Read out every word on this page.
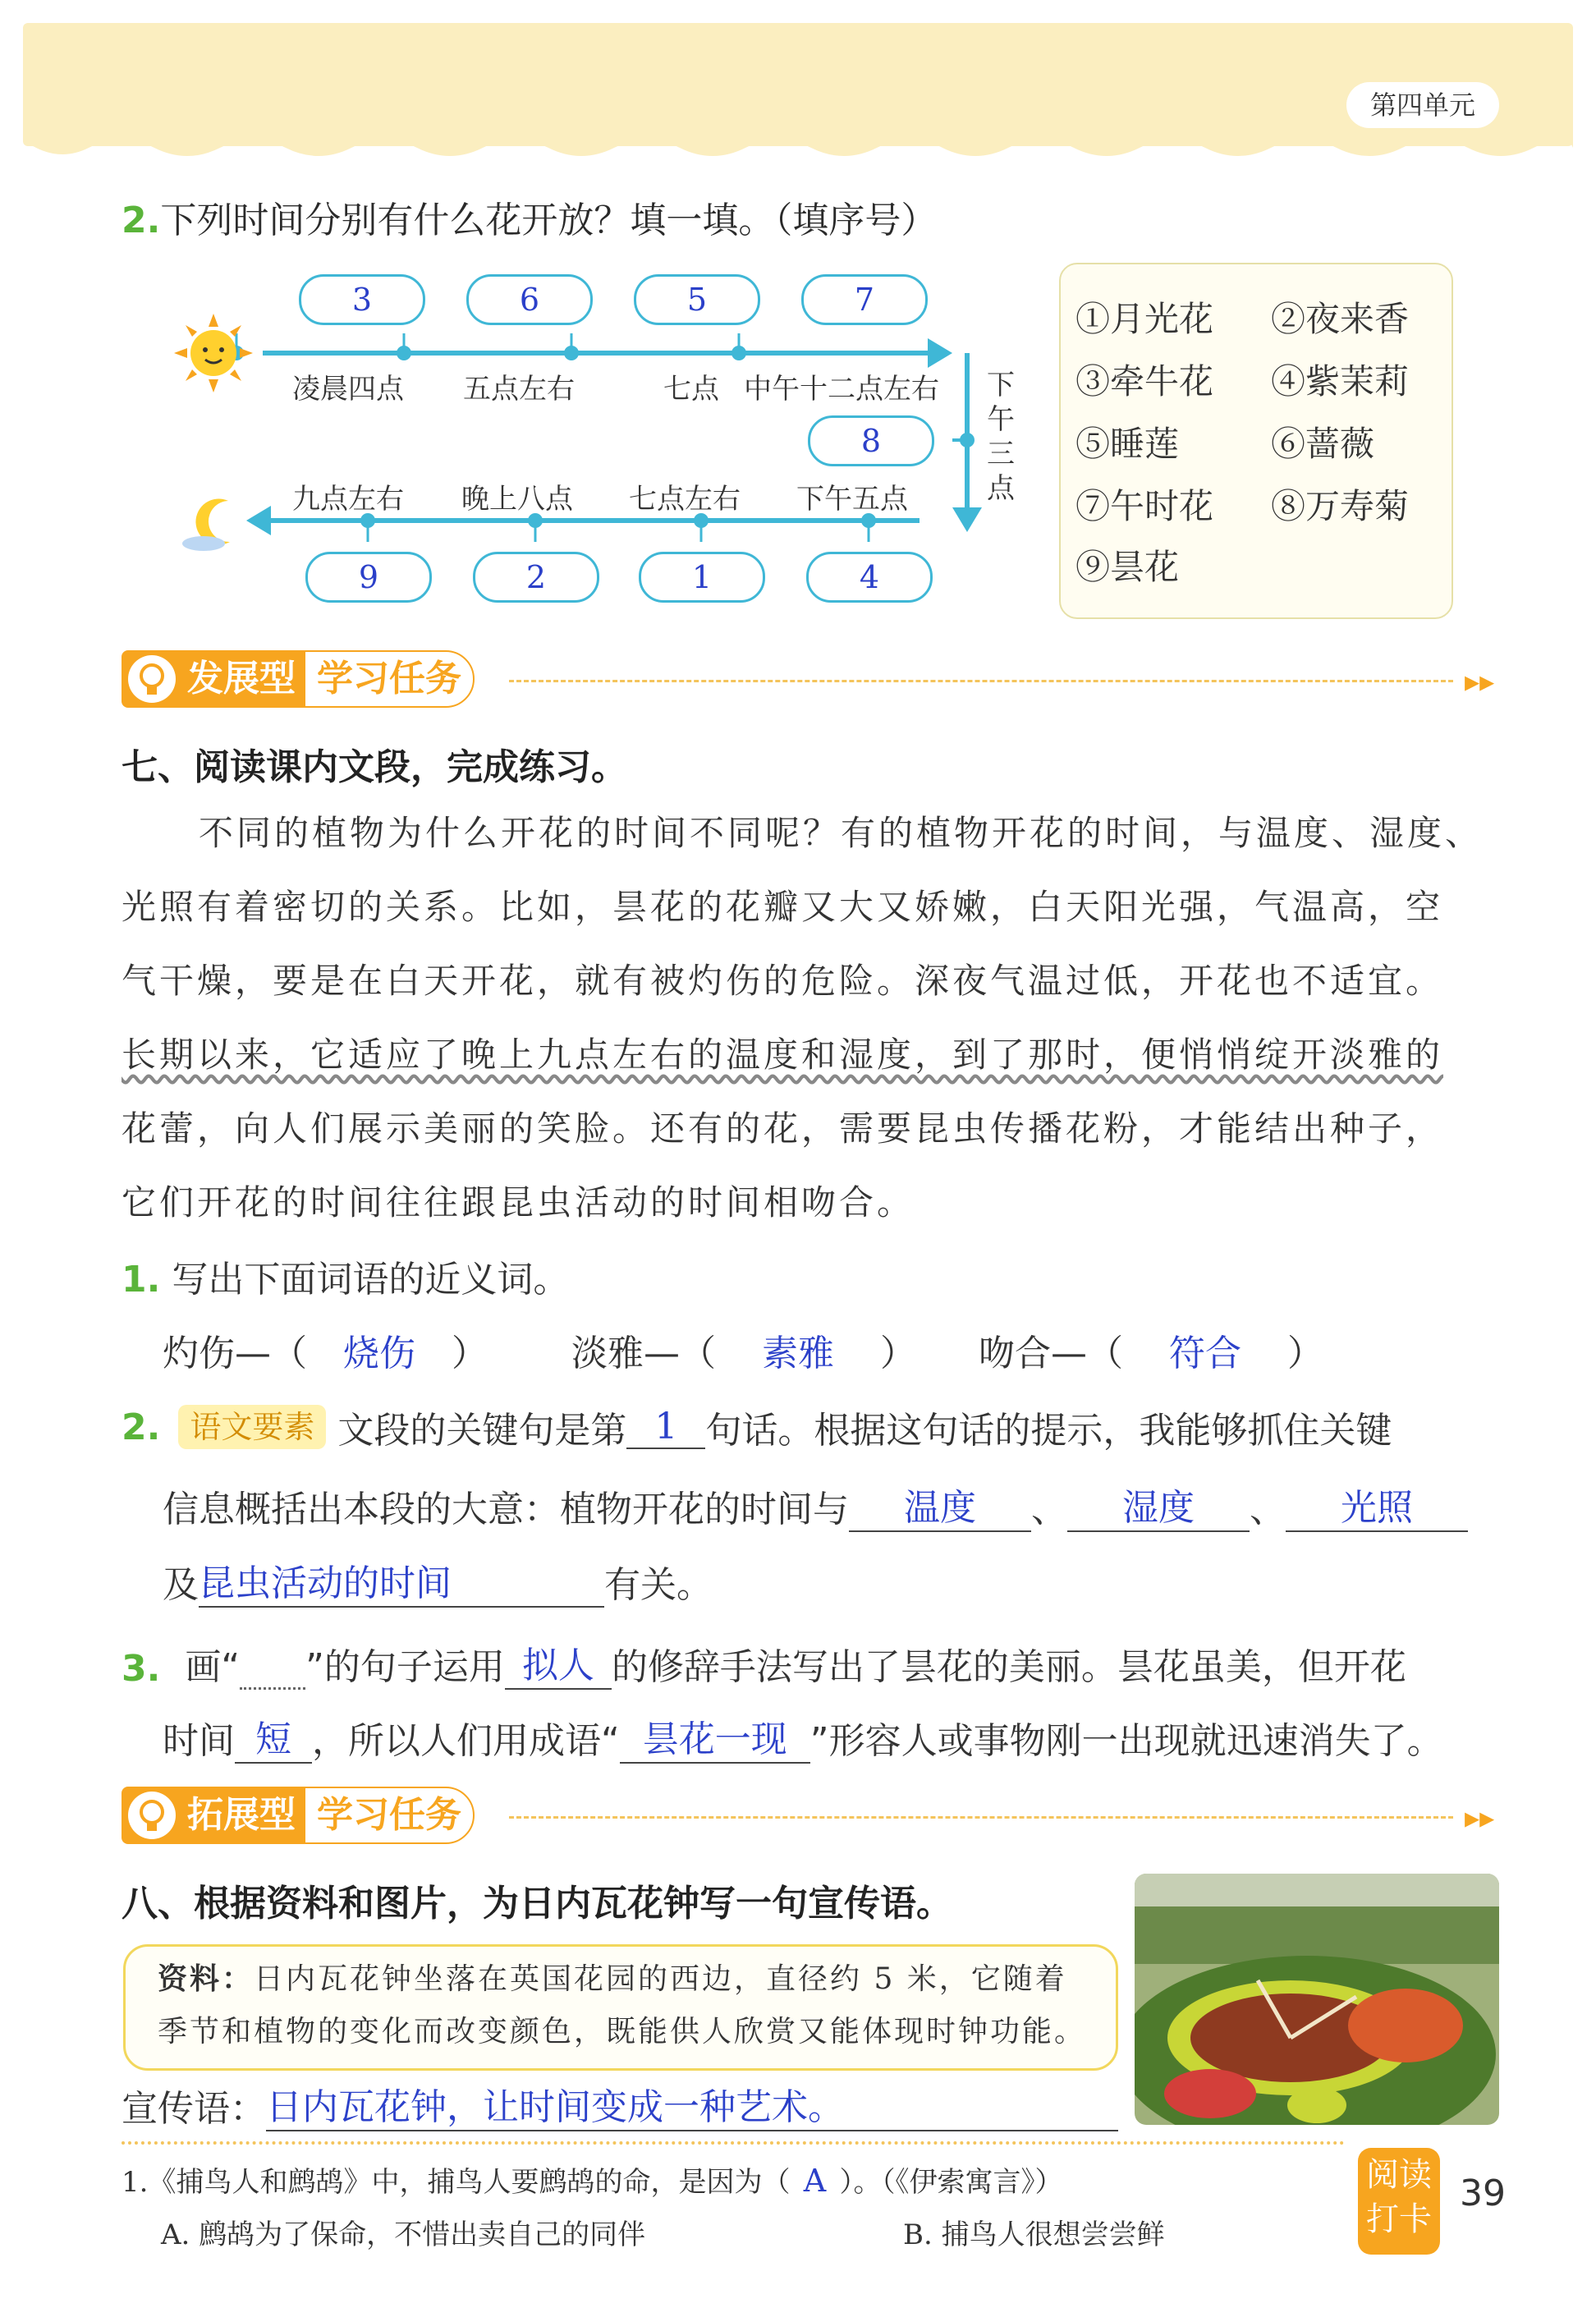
第四单元
2.下列时间分别有什么花开放？填一填。（填序号）
3	6	5	7
凌晨四点 五点左右	七点 中午十二点左右
8
下午三点
九点左右 晚上八点 七点左右 下午五点
9	2	1	4
①月光花 ②夜来香
③牵牛花 ④紫茉莉
⑤睡莲	⑥蔷薇
⑦午时花 ⑧万寿菊
⑨昙花
发展型 学习任务	▸▸
七、阅读课内文段，完成练习。
不同的植物为什么开花的时间不同呢？有的植物开花的时间，与温度、湿度、
光照有着密切的关系。比如，昙花的花瓣又大又娇嫩，白天阳光强，气温高，空
气干燥，要是在白天开花，就有被灼伤的危险。深夜气温过低，开花也不适宜。
长期以来，它适应了晚上九点左右的温度和湿度，到了那时，便悄悄绽开淡雅的
花蕾，向人们展示美丽的笑脸。还有的花，需要昆虫传播花粉，才能结出种子，
它们开花的时间往往跟昆虫活动的时间相吻合。
1. 写出下面词语的近义词。
灼伤—（ 烧伤 ） 淡雅—（ 素雅 ） 吻合—（ 符合 ）
2. 语文要素 文段的关键句是第 1 句话。根据这句话的提示，我能够抓住关键
信息概括出本段的大意：植物开花的时间与	温度	、	湿度	、	光照
及 昆虫活动的时间	有关。
3. 画“ ”的句子运用 拟人 的修辞手法写出了昙花的美丽。昙花虽美，但开花
时间 短 ，所以人们用成语“ 昙花一现 ”形容人或事物刚一出现就迅速消失了。
拓展型 学习任务	▸▸
八、根据资料和图片，为日内瓦花钟写一句宣传语。
资料：日内瓦花钟坐落在英国花园的西边，直径约 5 米，它随着
季节和植物的变化而改变颜色，既能供人欣赏又能体现时钟功能。
宣传语： 日内瓦花钟，让时间变成一种艺术。
1.《捕鸟人和鹧鸪》中，捕鸟人要鹧鸪的命，是因为（ A ）。（《伊索寓言》）
A. 鹧鸪为了保命，不惜出卖自己的同伴	B. 捕鸟人很想尝尝鲜
阅读
打卡
39
